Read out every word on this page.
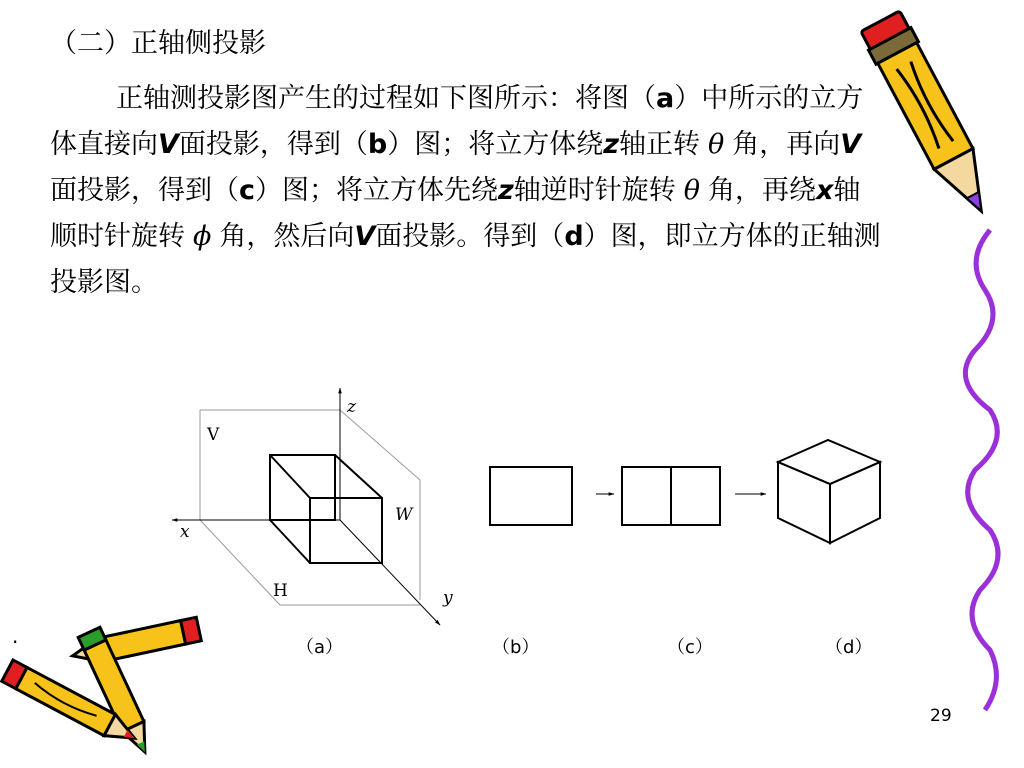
（二）正轴侧投影

正轴测投影图产生的过程如下图所示：将图（a）中所示的立方体直接向V面投影，得到（b）图；将立方体绕z轴正转 θ 角，再向V面投影，得到（c）图；将立方体先绕z轴逆时针旋转 θ 角，再绕x轴顺时针旋转 ϕ 角，然后向V面投影。得到（d）图，即立方体的正轴测投影图。

V
W
H
x
y
z
（a）	（b）	（c）	（d）
·
29
